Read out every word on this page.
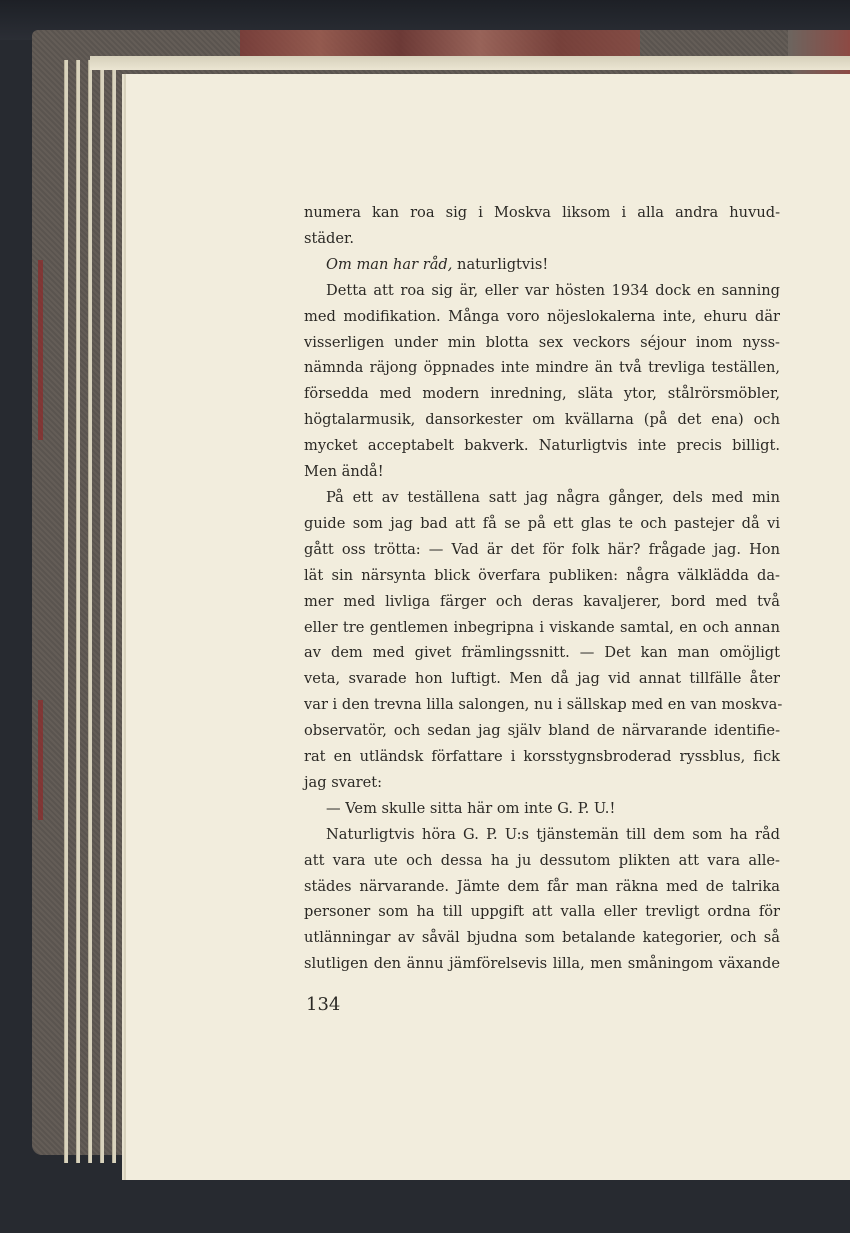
numera kan roa sig i Moskva liksom i alla andra huvud-
städer.
Om man har råd, naturligtvis!
Detta att roa sig är, eller var hösten 1934 dock en sanning
med modifikation. Många voro nöjeslokalerna inte, ehuru där
visserligen under min blotta sex veckors séjour inom nyss-
nämnda räjong öppnades inte mindre än två trevliga teställen,
försedda med modern inredning, släta ytor, stålrörsmöbler,
högtalarmusik, dansorkester om kvällarna (på det ena) och
mycket acceptabelt bakverk. Naturligtvis inte precis billigt.
Men ändå!
På ett av teställena satt jag några gånger, dels med min
guide som jag bad att få se på ett glas te och pastejer då vi
gått oss trötta: — Vad är det för folk här? frågade jag. Hon
lät sin närsynta blick överfara publiken: några välklädda da-
mer med livliga färger och deras kavaljerer, bord med två
eller tre gentlemen inbegripna i viskande samtal, en och annan
av dem med givet främlingssnitt. — Det kan man omöjligt
veta, svarade hon luftigt. Men då jag vid annat tillfälle åter
var i den trevna lilla salongen, nu i sällskap med en van moskva-
observatör, och sedan jag själv bland de närvarande identifie-
rat en utländsk författare i korsstygnsbroderad ryssblus, fick
jag svaret:
— Vem skulle sitta här om inte G. P. U.!
Naturligtvis höra G. P. U:s tjänstemän till dem som ha råd
att vara ute och dessa ha ju dessutom plikten att vara alle-
städes närvarande. Jämte dem får man räkna med de talrika
personer som ha till uppgift att valla eller trevligt ordna för
utlänningar av såväl bjudna som betalande kategorier, och så
slutligen den ännu jämförelsevis lilla, men småningom växande
134
